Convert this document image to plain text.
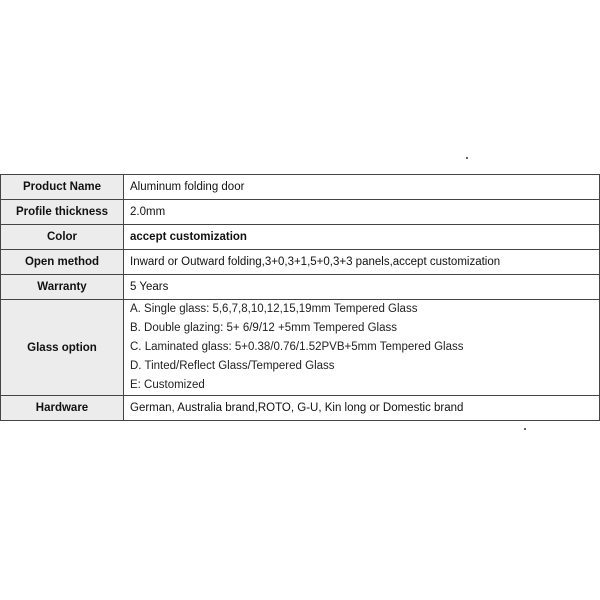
Product Name	Aluminum folding door
Profile thickness	2.0mm
Color	accept customization
Open method	Inward or Outward folding,3+0,3+1,5+0,3+3 panels,accept customization
Warranty	5 Years
Glass option	A. Single glass: 5,6,7,8,10,12,15,19mm Tempered Glass
B. Double glazing: 5+ 6/9/12 +5mm Tempered Glass
C. Laminated glass: 5+0.38/0.76/1.52PVB+5mm Tempered Glass
D. Tinted/Reflect Glass/Tempered Glass
E: Customized

Hardware	German, Australia brand,ROTO, G-U, Kin long or Domestic brand
